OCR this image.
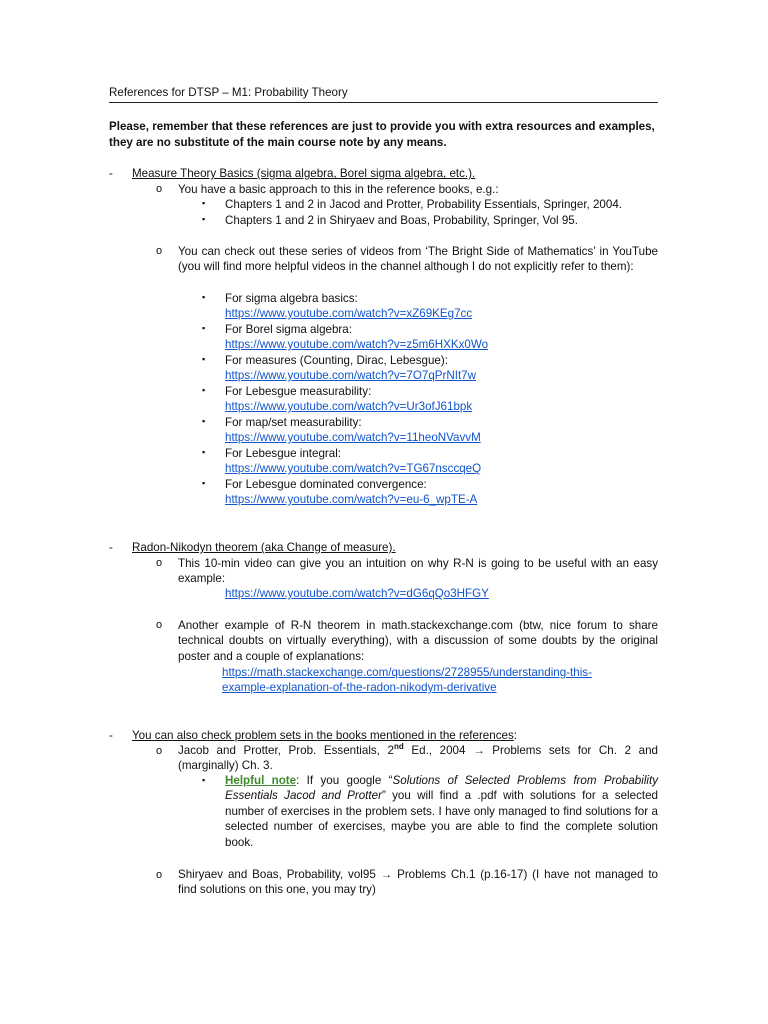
References for DTSP – M1: Probability Theory
Please, remember that these references are just to provide you with extra resources and examples, they are no substitute of the main course note by any means.
-	Measure Theory Basics (sigma algebra, Borel sigma algebra, etc.).
o	You have a basic approach to this in the reference books, e.g.:
▪	Chapters 1 and 2 in Jacod and Protter, Probability Essentials, Springer, 2004.
▪	Chapters 1 and 2 in Shiryaev and Boas, Probability, Springer, Vol 95.
o	You can check out these series of videos from ‘The Bright Side of Mathematics’ in YouTube (you will find more helpful videos in the channel although I do not explicitly refer to them):
▪	For sigma algebra basics:
https://www.youtube.com/watch?v=xZ69KEg7cc
▪	For Borel sigma algebra:
https://www.youtube.com/watch?v=z5m6HXKx0Wo
▪	For measures (Counting, Dirac, Lebesgue):
https://www.youtube.com/watch?v=7O7qPrNIt7w
▪	For Lebesgue measurability:
https://www.youtube.com/watch?v=Ur3ofJ61bpk
▪	For map/set measurability:
https://www.youtube.com/watch?v=11heoNVavvM
▪	For Lebesgue integral:
https://www.youtube.com/watch?v=TG67nsccqeQ
▪	For Lebesgue dominated convergence:
https://www.youtube.com/watch?v=eu-6_wpTE-A
-	Radon-Nikodyn theorem (aka Change of measure).
o	This 10-min video can give you an intuition on why R-N is going to be useful with an easy example:
https://www.youtube.com/watch?v=dG6qQo3HFGY
o	Another example of R-N theorem in math.stackexchange.com (btw, nice forum to share technical doubts on virtually everything), with a discussion of some doubts by the original poster and a couple of explanations:
https://math.stackexchange.com/questions/2728955/understanding-this-
example-explanation-of-the-radon-nikodym-derivative
-	You can also check problem sets in the books mentioned in the references:
o	Jacob and Protter, Prob. Essentials, 2nd Ed., 2004 → Problems sets for Ch. 2 and (marginally) Ch. 3.
▪	Helpful note: If you google “Solutions of Selected Problems from Probability Essentials Jacod and Protter” you will find a .pdf with solutions for a selected number of exercises in the problem sets. I have only managed to find solutions for a selected number of exercises, maybe you are able to find the complete solution book.
o	Shiryaev and Boas, Probability, vol95 → Problems Ch.1 (p.16-17) (I have not managed to find solutions on this one, you may try)
